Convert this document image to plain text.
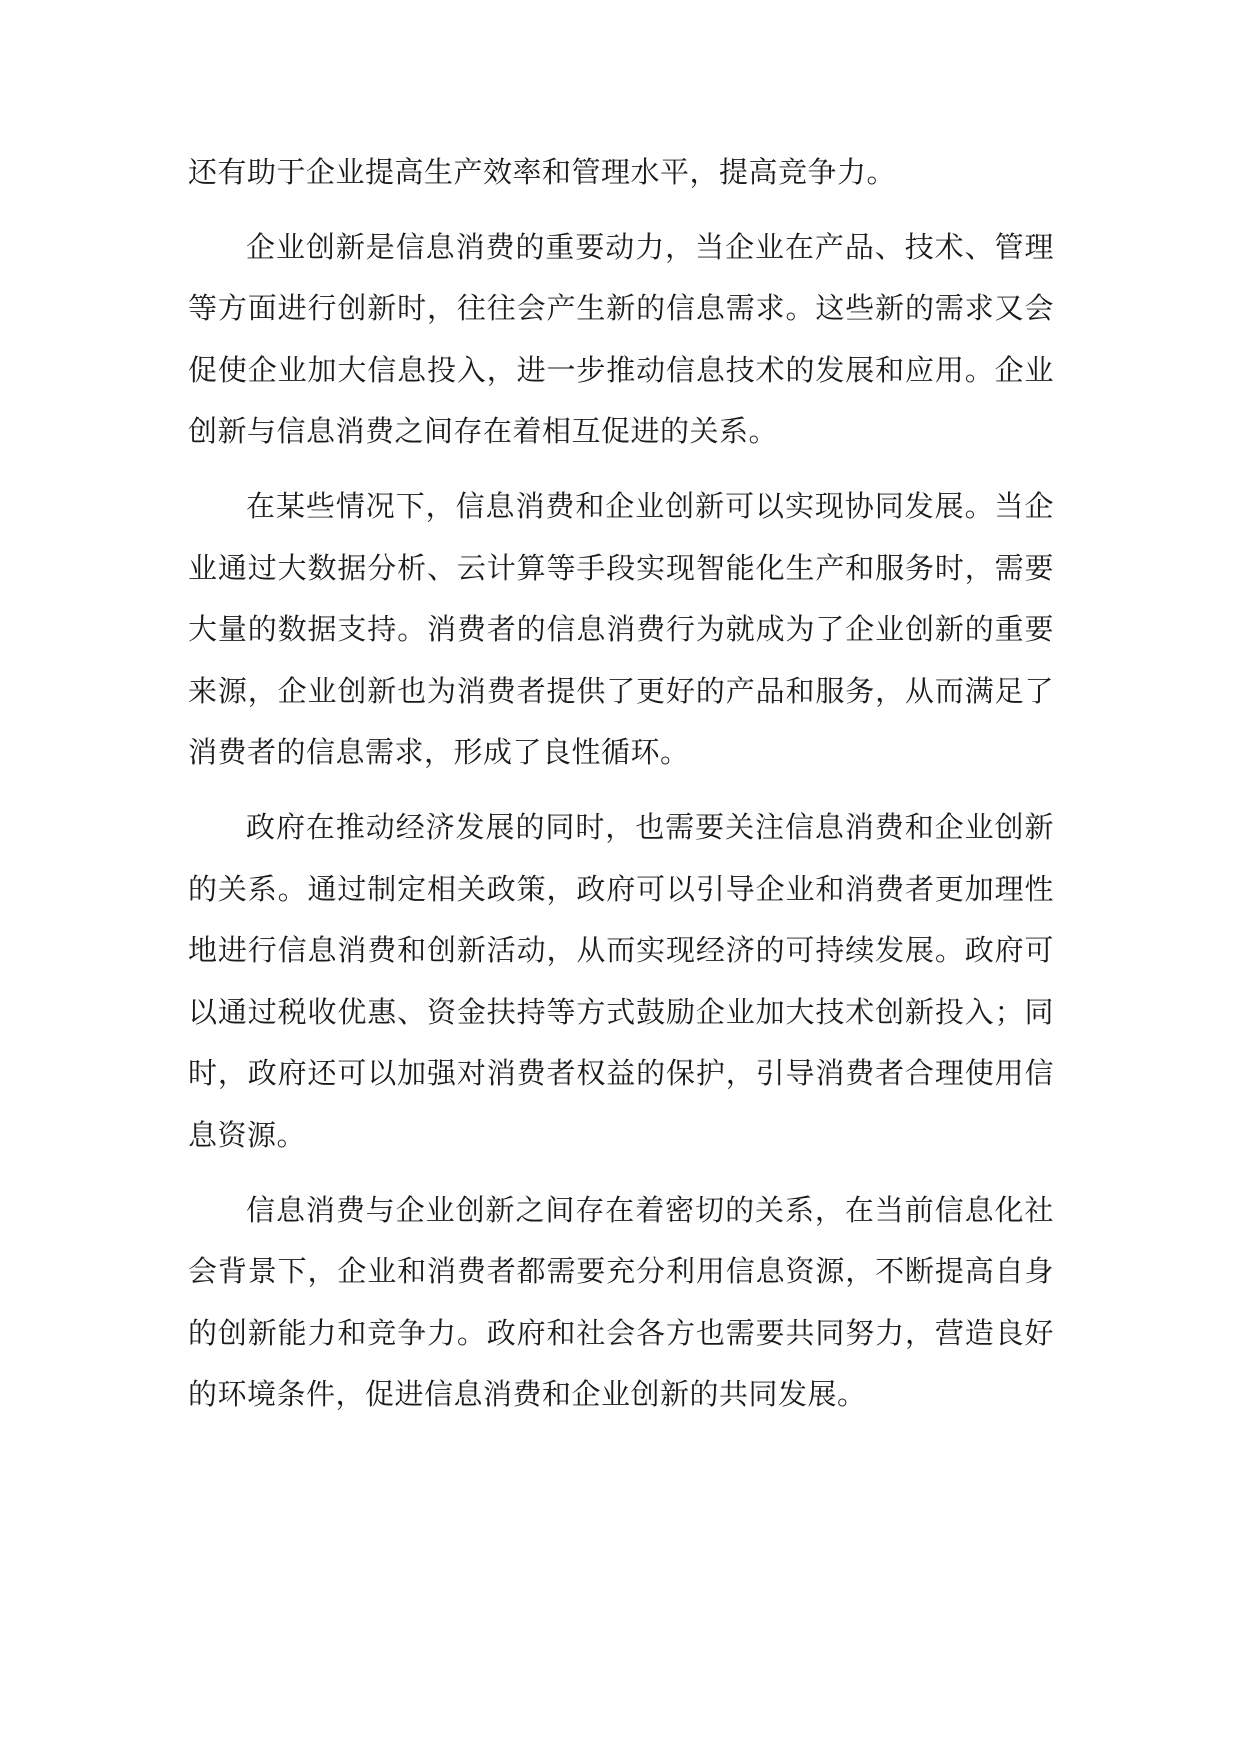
还有助于企业提高生产效率和管理水平，提高竞争力。

企业创新是信息消费的重要动力，当企业在产品、技术、管理等方面进行创新时，往往会产生新的信息需求。这些新的需求又会促使企业加大信息投入，进一步推动信息技术的发展和应用。企业创新与信息消费之间存在着相互促进的关系。

在某些情况下，信息消费和企业创新可以实现协同发展。当企业通过大数据分析、云计算等手段实现智能化生产和服务时，需要大量的数据支持。消费者的信息消费行为就成为了企业创新的重要来源，企业创新也为消费者提供了更好的产品和服务，从而满足了消费者的信息需求，形成了良性循环。

政府在推动经济发展的同时，也需要关注信息消费和企业创新的关系。通过制定相关政策，政府可以引导企业和消费者更加理性地进行信息消费和创新活动，从而实现经济的可持续发展。政府可以通过税收优惠、资金扶持等方式鼓励企业加大技术创新投入；同时，政府还可以加强对消费者权益的保护，引导消费者合理使用信息资源。

信息消费与企业创新之间存在着密切的关系，在当前信息化社会背景下，企业和消费者都需要充分利用信息资源，不断提高自身的创新能力和竞争力。政府和社会各方也需要共同努力，营造良好的环境条件，促进信息消费和企业创新的共同发展。
